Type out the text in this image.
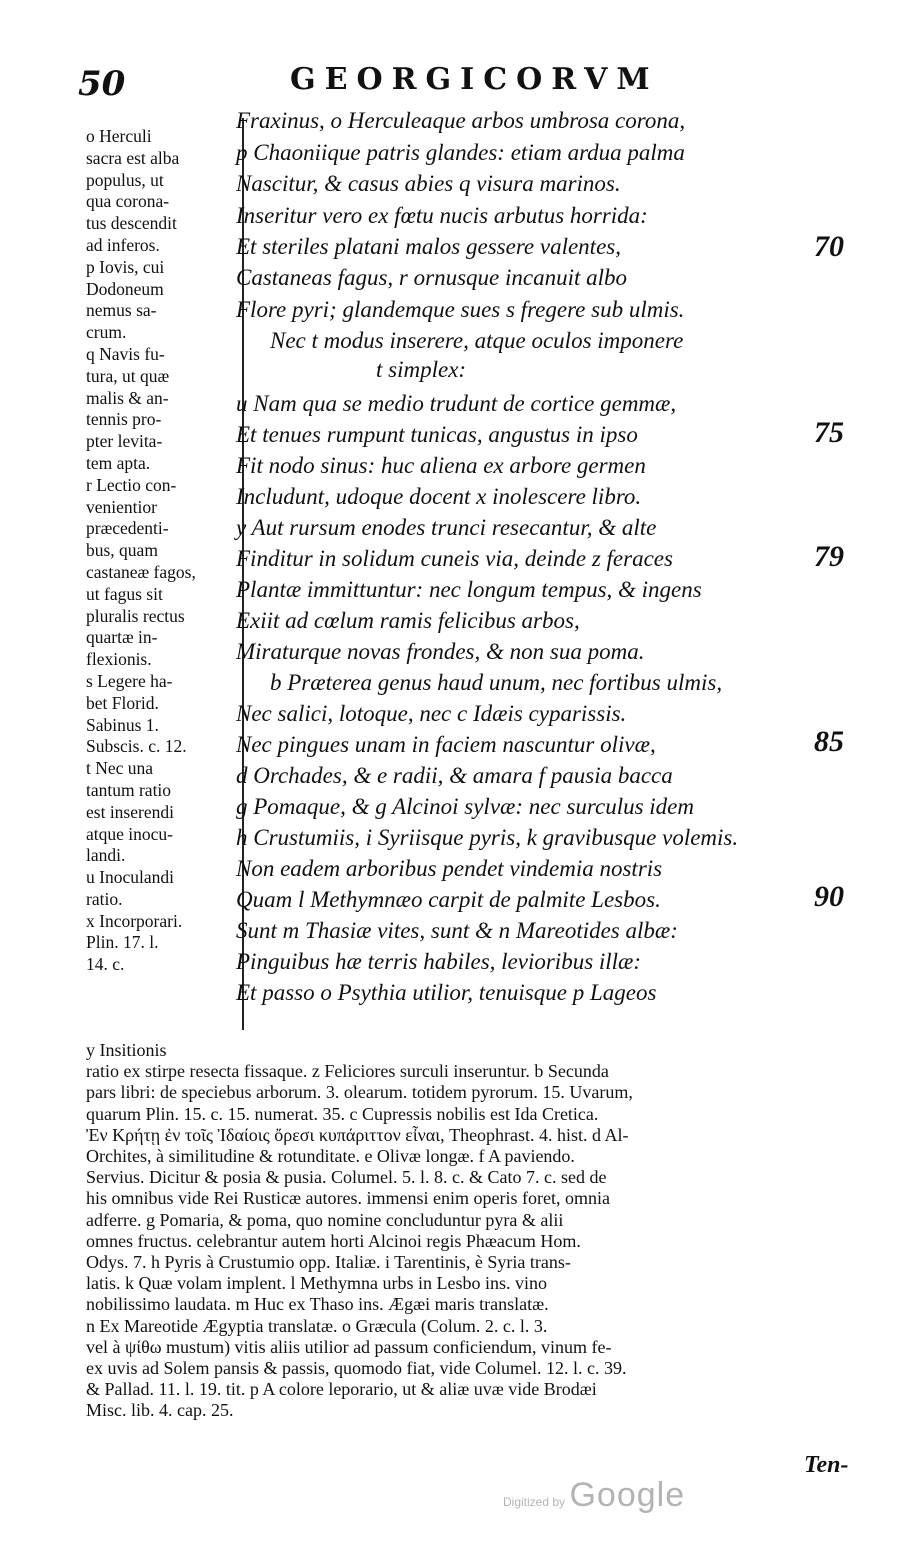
50	GEORGICORVM
o Herculi
sacra est alba
populus, ut
qua corona-
tus descendit
ad inferos.
p Iovis, cui
Dodoneum
nemus sa-
crum.
q Navis fu-
tura, ut quæ
malis & an-
tennis pro-
pter levita-
tem apta.
r Lectio con-
venientior
præcedenti-
bus, quam
castaneæ fagos,
ut fagus sit
pluralis rectus
quartæ in-
flexionis.
s Legere ha-
bet Florid.
Sabinus 1.
Subscis. c. 12.
t Nec una
tantum ratio
est inserendi
atque inocu-
landi.
u Inoculandi
ratio.
x Incorporari.
Plin. 17. l.
14. c.
Fraxinus, o Herculeaque arbos umbrosa corona,
p Chaoniique patris glandes: etiam ardua palma
Nascitur, & casus abies q visura marinos.
Inseritur vero ex fœtu nucis arbutus horrida:
Et steriles platani malos gessere valentes,
Castaneas fagus, r ornusque incanuit albo
Flore pyri; glandemque sues s fregere sub ulmis.
Nec t modus inserere, atque oculos imponere
t simplex:
u Nam qua se medio trudunt de cortice gemmæ,
Et tenues rumpunt tunicas, angustus in ipso
Fit nodo sinus: huc aliena ex arbore germen
Includunt, udoque docent x inolescere libro.
y Aut rursum enodes trunci resecantur, & alte
Finditur in solidum cuneis via, deinde z feraces
Plantæ immittuntur: nec longum tempus, & ingens
Exiit ad cœlum ramis felicibus arbos,
Miraturque novas frondes, & non sua poma.
b Præterea genus haud unum, nec fortibus ulmis,
Nec salici, lotoque, nec c Idæis cyparissis.
Nec pingues unam in faciem nascuntur olivæ,
d Orchades, & e radii, & amara f pausia bacca
g Pomaque, & g Alcinoi sylvæ: nec surculus idem
h Crustumiis, i Syriisque pyris, k gravibusque volemis.
Non eadem arboribus pendet vindemia nostris
Quam l Methymnæo carpit de palmite Lesbos.
Sunt m Thasiæ vites, sunt & n Mareotides albæ:
Pinguibus hæ terris habiles, levioribus illæ:
Et passo o Psythia utilior, tenuisque p Lageos
70
75
79
85
90
y Insitionis
ratio ex stirpe resecta fissaque. z Feliciores surculi inseruntur. b Secunda
pars libri: de speciebus arborum. 3. olearum. totidem pyrorum. 15. Uvarum,
quarum Plin. 15. c. 15. numerat. 35. c Cupressis nobilis est Ida Cretica.
Ἐν Κρήτῃ ἐν τοῖς Ἰδαίοις ὄρεσι κυπάριττον εἶναι, Theophrast. 4. hist. d Al-
Orchites, à similitudine & rotunditate. e Olivæ longæ. f A paviendo.
Servius. Dicitur & posia & pusia. Columel. 5. l. 8. c. & Cato 7. c. sed de
his omnibus vide Rei Rusticæ autores. immensi enim operis foret, omnia
adferre. g Pomaria, & poma, quo nomine concluduntur pyra & alii
omnes fructus. celebrantur autem horti Alcinoi regis Phæacum Hom.
Odys. 7. h Pyris à Crustumio opp. Italiæ. i Tarentinis, è Syria trans-
latis. k Quæ volam implent. l Methymna urbs in Lesbo ins. vino
nobilissimo laudata. m Huc ex Thaso ins. Ægæi maris translatæ.
n Ex Mareotide Ægyptia translatæ. o Græcula (Colum. 2. c. l. 3.
vel à ψίθω mustum) vitis aliis utilior ad passum conficiendum, vinum fe-
ex uvis ad Solem pansis & passis, quomodo fiat, vide Columel. 12. l. c. 39.
& Pallad. 11. l. 19. tit. p A colore leporario, ut & aliæ uvæ vide Brodæi
Misc. lib. 4. cap. 25.
Ten-
Digitized by Google
